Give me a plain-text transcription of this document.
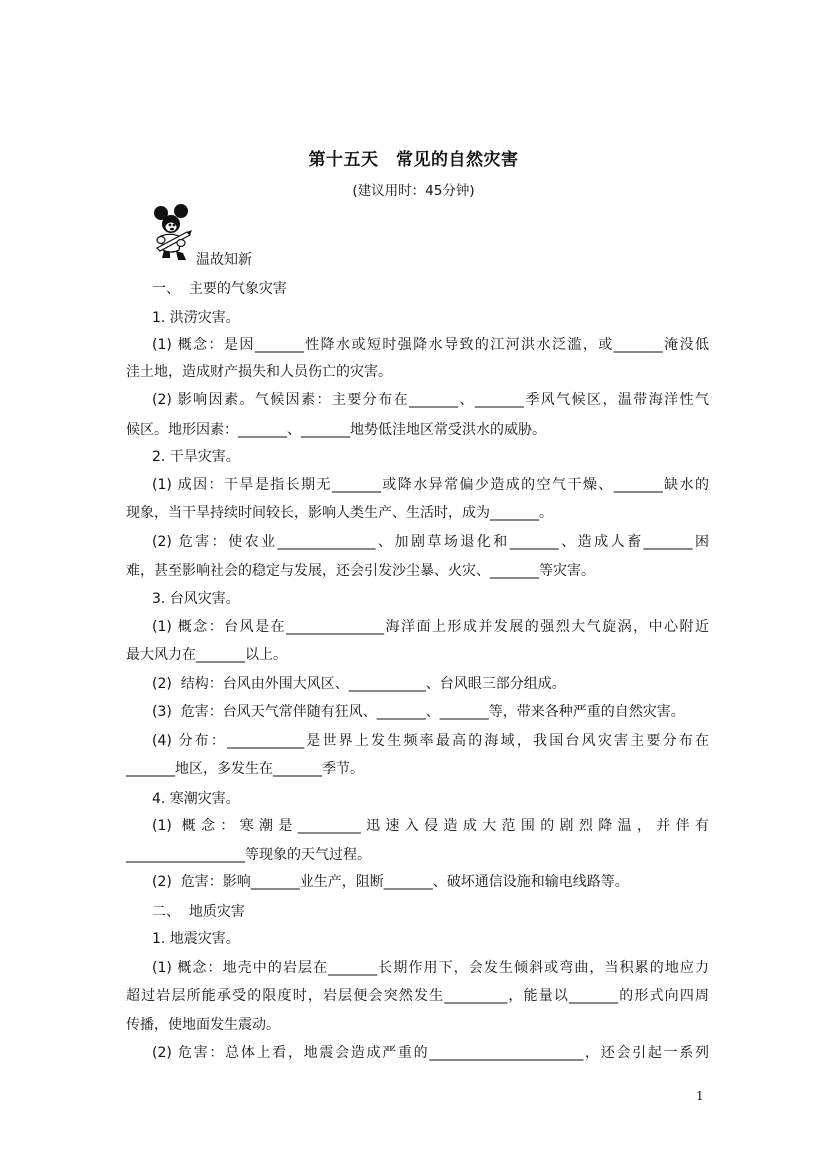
第十五天　常见的自然灾害
(建议用时：45分钟)
温故知新
一、  主要的气象灾害
1. 洪涝灾害。
(1) 概念：是因_______性降水或短时强降水导致的江河洪水泛滥，或_______淹没低
洼土地，造成财产损失和人员伤亡的灾害。
(2) 影响因素。气候因素：主要分布在_______、_______季风气候区，温带海洋性气
候区。地形因素：_______、_______地势低洼地区常受洪水的威胁。
2. 干旱灾害。
(1) 成因：干旱是指长期无_______或降水异常偏少造成的空气干燥、_______缺水的
现象，当干旱持续时间较长，影响人类生产、生活时，成为_______。
(2) 危害：使农业______________、加剧草场退化和_______、造成人畜_______困
难，甚至影响社会的稳定与发展，还会引发沙尘暴、火灾、_______等灾害。
3. 台风灾害。
(1) 概念：台风是在______________海洋面上形成并发展的强烈大气旋涡，中心附近
最大风力在_______以上。
(2)  结构：台风由外围大风区、___________、台风眼三部分组成。
(3)  危害：台风天气常伴随有狂风、_______、_______等，带来各种严重的自然灾害。
(4) 分布：___________是世界上发生频率最高的海域，我国台风灾害主要分布在
_______地区，多发生在_______季节。
4. 寒潮灾害。
(1) 概念：寒潮是_________迅速入侵造成大范围的剧烈降温，并伴有
_________________等现象的天气过程。
(2)  危害：影响_______业生产，阻断_______、破坏通信设施和输电线路等。
二、  地质灾害
1. 地震灾害。
(1) 概念：地壳中的岩层在_______长期作用下，会发生倾斜或弯曲，当积累的地应力
超过岩层所能承受的限度时，岩层便会突然发生_________，能量以_______的形式向四周
传播，使地面发生震动。
(2) 危害：总体上看，地震会造成严重的______________________，还会引起一系列
1
